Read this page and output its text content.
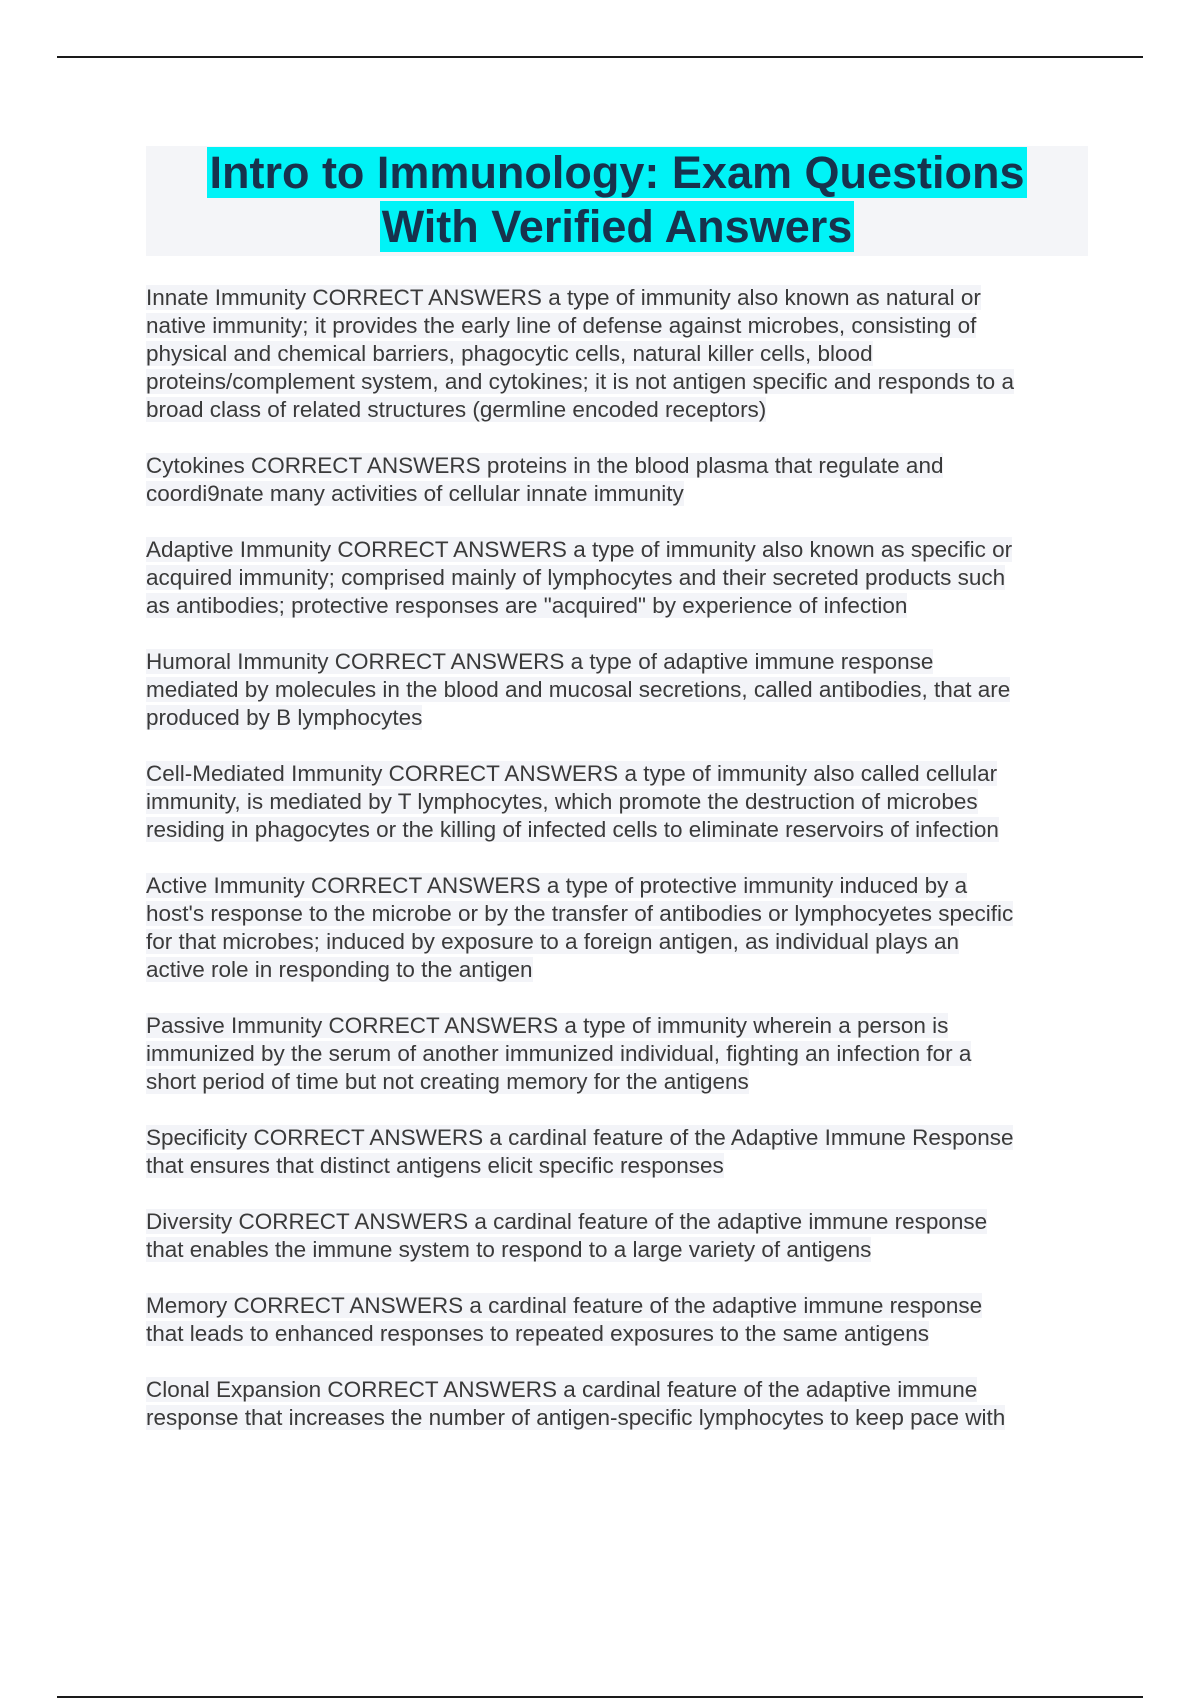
Intro to Immunology: Exam Questions
With Verified Answers
Innate Immunity CORRECT ANSWERS a type of immunity also known as natural or
native immunity; it provides the early line of defense against microbes, consisting of
physical and chemical barriers, phagocytic cells, natural killer cells, blood
proteins/complement system, and cytokines; it is not antigen specific and responds to a
broad class of related structures (germline encoded receptors)
Cytokines CORRECT ANSWERS proteins in the blood plasma that regulate and
coordi9nate many activities of cellular innate immunity
Adaptive Immunity CORRECT ANSWERS a type of immunity also known as specific or
acquired immunity; comprised mainly of lymphocytes and their secreted products such
as antibodies; protective responses are "acquired" by experience of infection
Humoral Immunity CORRECT ANSWERS a type of adaptive immune response
mediated by molecules in the blood and mucosal secretions, called antibodies, that are
produced by B lymphocytes
Cell-Mediated Immunity CORRECT ANSWERS a type of immunity also called cellular
immunity, is mediated by T lymphocytes, which promote the destruction of microbes
residing in phagocytes or the killing of infected cells to eliminate reservoirs of infection
Active Immunity CORRECT ANSWERS a type of protective immunity induced by a
host's response to the microbe or by the transfer of antibodies or lymphocyetes specific
for that microbes; induced by exposure to a foreign antigen, as individual plays an
active role in responding to the antigen
Passive Immunity CORRECT ANSWERS a type of immunity wherein a person is
immunized by the serum of another immunized individual, fighting an infection for a
short period of time but not creating memory for the antigens
Specificity CORRECT ANSWERS a cardinal feature of the Adaptive Immune Response
that ensures that distinct antigens elicit specific responses
Diversity CORRECT ANSWERS a cardinal feature of the adaptive immune response
that enables the immune system to respond to a large variety of antigens
Memory CORRECT ANSWERS a cardinal feature of the adaptive immune response
that leads to enhanced responses to repeated exposures to the same antigens
Clonal Expansion CORRECT ANSWERS a cardinal feature of the adaptive immune
response that increases the number of antigen-specific lymphocytes to keep pace with
